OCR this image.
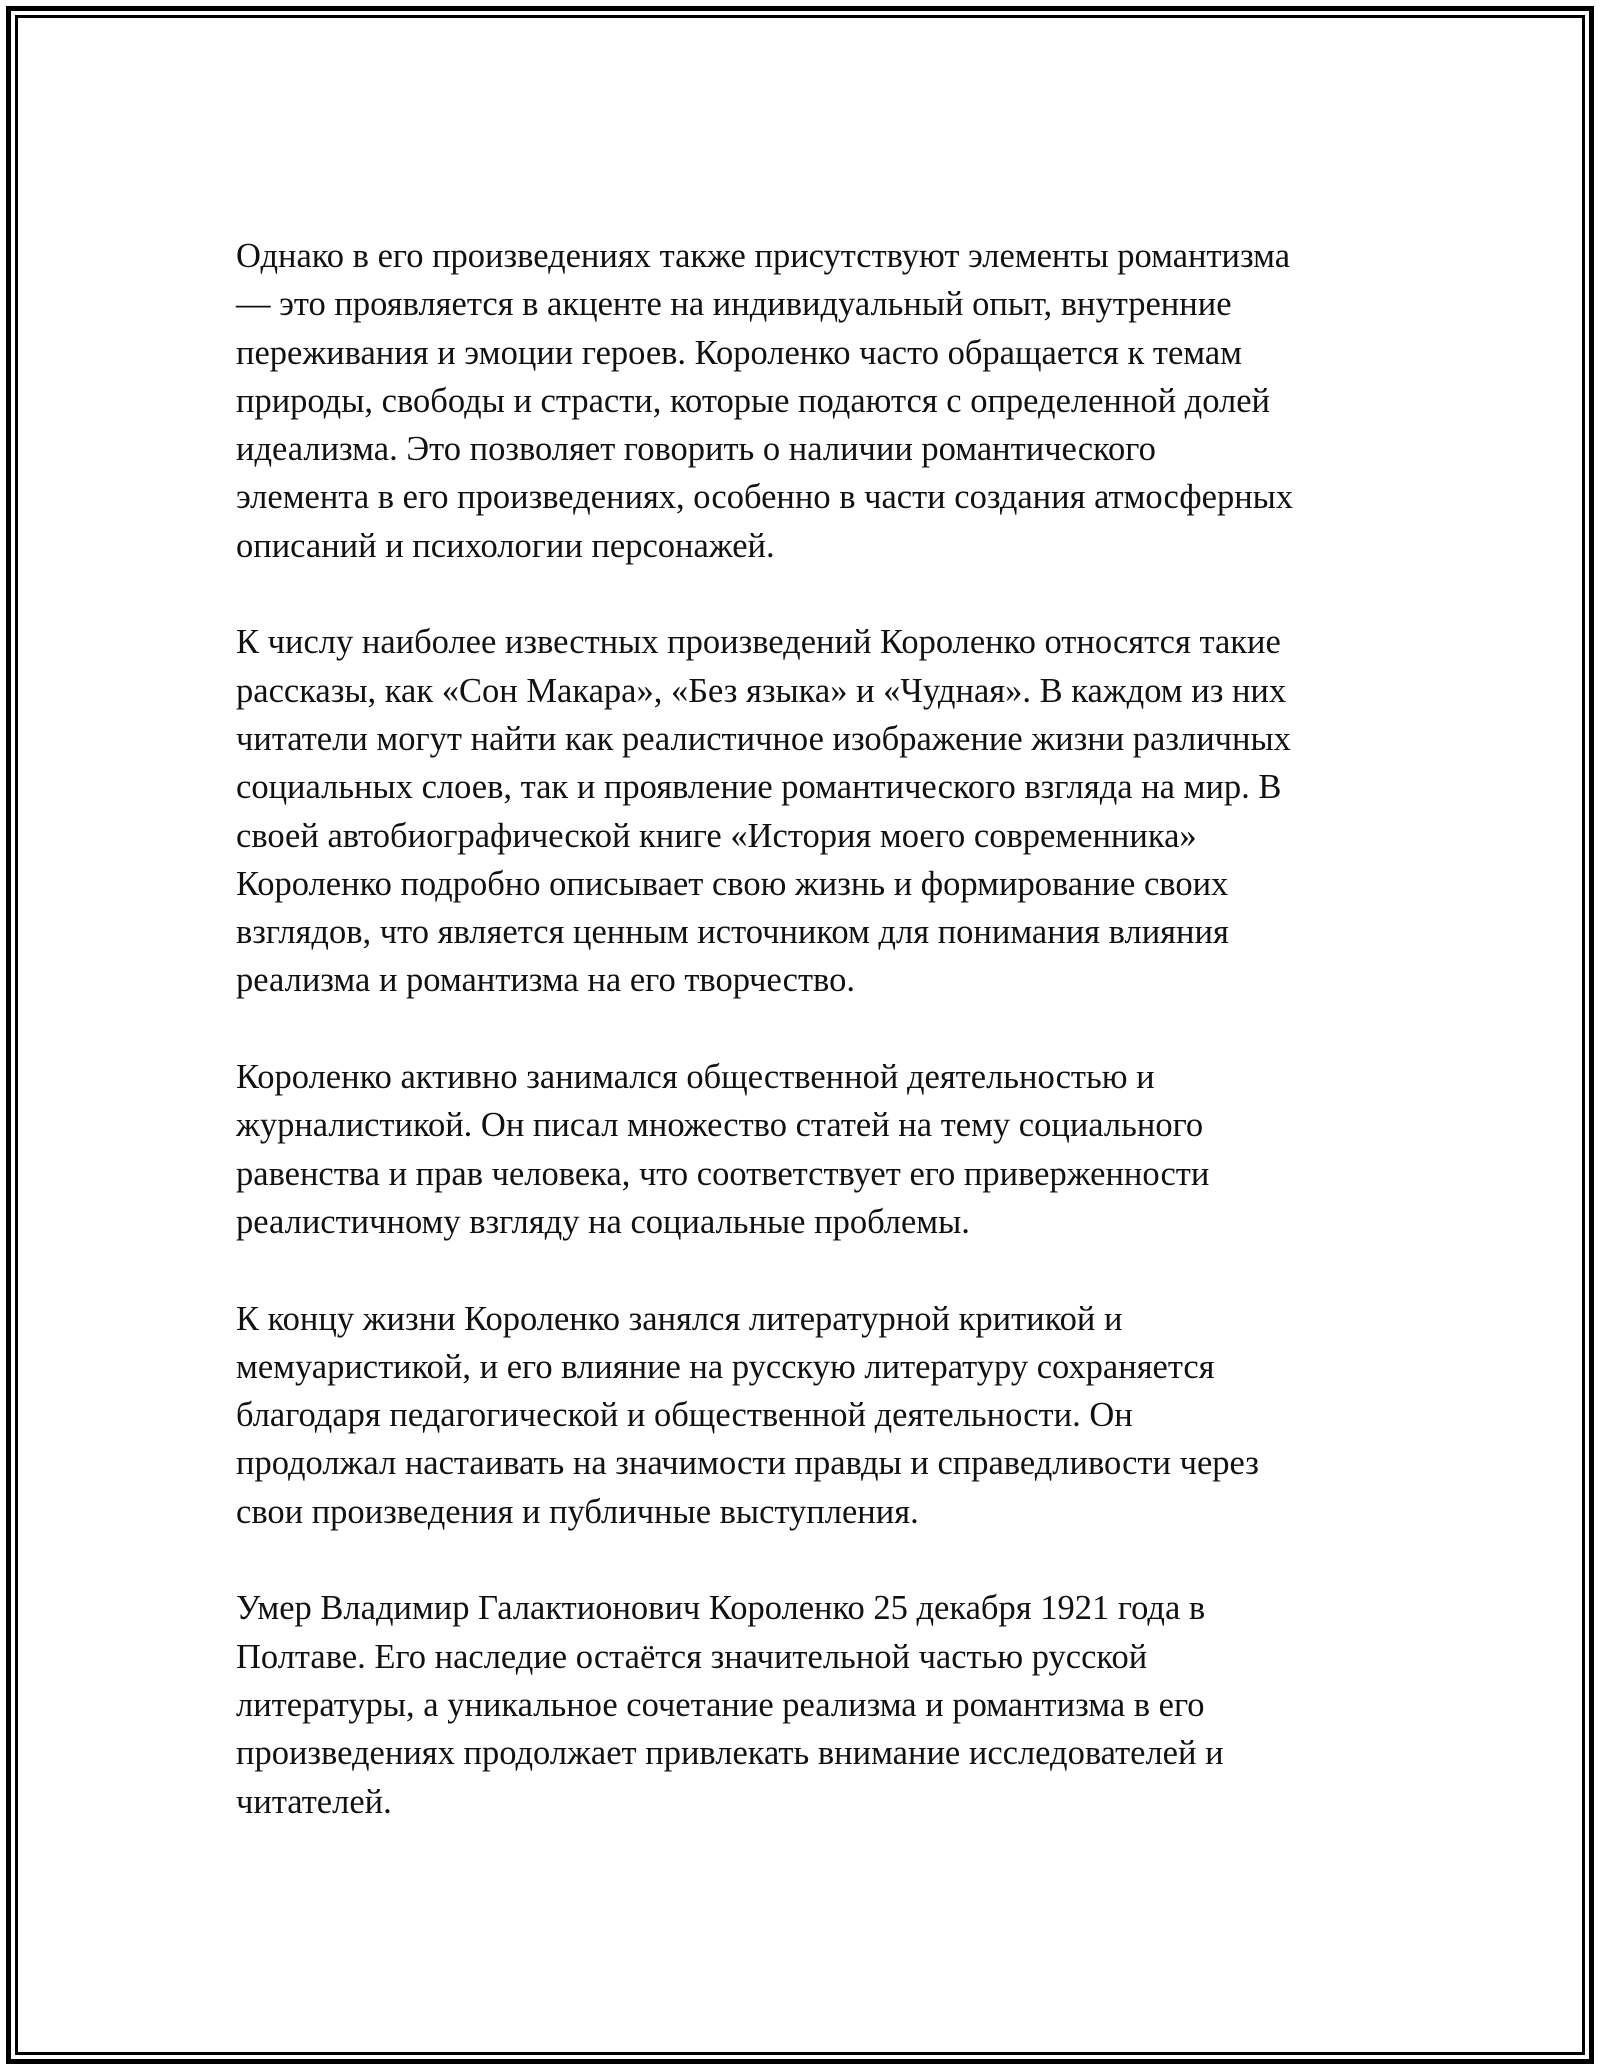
Однако в его произведениях также присутствуют элементы романтизма
— это проявляется в акценте на индивидуальный опыт, внутренние
переживания и эмоции героев. Короленко часто обращается к темам
природы, свободы и страсти, которые подаются с определенной долей
идеализма. Это позволяет говорить о наличии романтического
элемента в его произведениях, особенно в части создания атмосферных
описаний и психологии персонажей.

К числу наиболее известных произведений Короленко относятся такие
рассказы, как «Сон Макара», «Без языка» и «Чудная». В каждом из них
читатели могут найти как реалистичное изображение жизни различных
социальных слоев, так и проявление романтического взгляда на мир. В
своей автобиографической книге «История моего современника»
Короленко подробно описывает свою жизнь и формирование своих
взглядов, что является ценным источником для понимания влияния
реализма и романтизма на его творчество.

Короленко активно занимался общественной деятельностью и
журналистикой. Он писал множество статей на тему социального
равенства и прав человека, что соответствует его приверженности
реалистичному взгляду на социальные проблемы.

К концу жизни Короленко занялся литературной критикой и
мемуаристикой, и его влияние на русскую литературу сохраняется
благодаря педагогической и общественной деятельности. Он
продолжал настаивать на значимости правды и справедливости через
свои произведения и публичные выступления.

Умер Владимир Галактионович Короленко 25 декабря 1921 года в
Полтаве. Его наследие остаётся значительной частью русской
литературы, а уникальное сочетание реализма и романтизма в его
произведениях продолжает привлекать внимание исследователей и
читателей.
